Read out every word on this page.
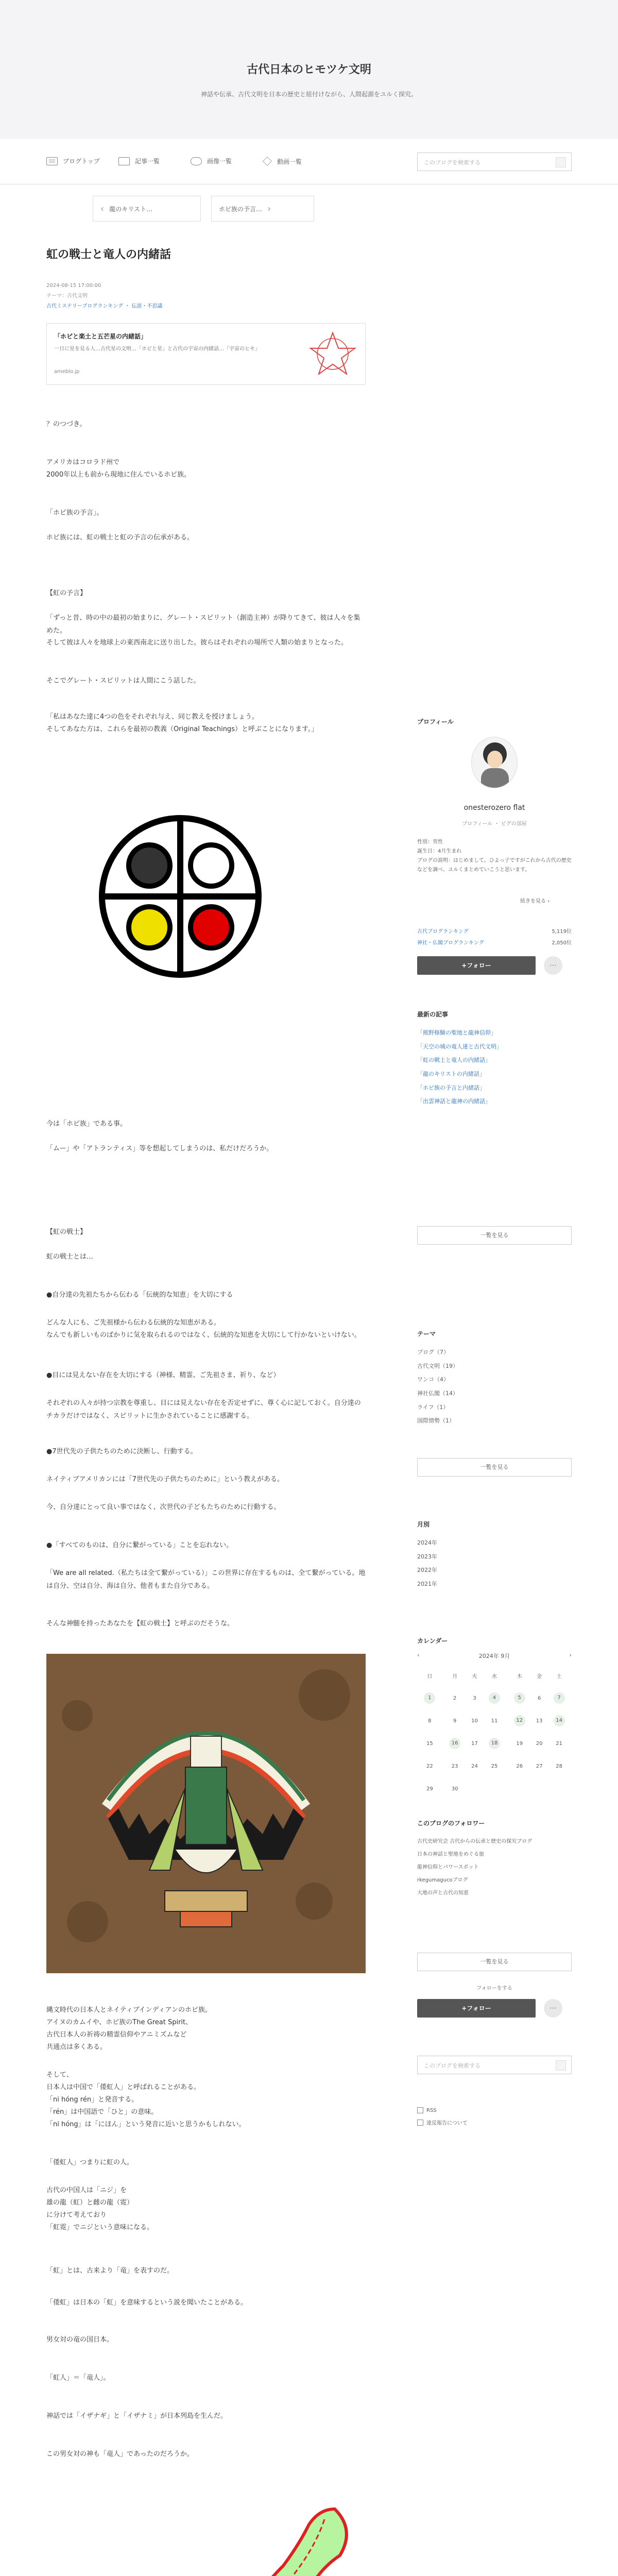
古代日本のヒモツケ文明
神話や伝承、古代文明を日本の歴史と紐付けながら、人間起源をユルく探究。
ブログトップ	記事一覧	画像一覧	動画一覧	このブログを検索する
‹ 龍のキリスト…	ホピ族の予言… ›
虹の戦士と竜人の内緒話
2024-08-15 17:00:00
テーマ：古代文明
古代ミステリーブログランキング ・ 伝説・不思議
「ホピと楽土と五芒星の内緒話」
一日に星を見る人…古代星の文明…「ホピと星」と古代の宇宙の内緒話…「宇宙のヒモ」
ameblo.jp
？のつづき。
アメリカはコロラド州で
2000年以上も前から現地に住んでいるホピ族。
「ホピ族の予言」。
ホピ族には、虹の戦士と虹の予言の伝承がある。
【虹の予言】
「ずっと昔、時の中の最初の始まりに、グレート・スピリット（創造主神）が降りてきて、彼は人々を集めた。
そして彼は人々を地球上の東西南北に送り出した。彼らはそれぞれの場所で人類の始まりとなった。
そこでグレート・スピリットは人間にこう話した。
「私はあなた達に4つの色をそれぞれ与え、同じ教えを授けましょう。
そしてあなた方は、これらを最初の教義（Original Teachings）と呼ぶことになります。」
今は「ホピ族」である事。
「ムー」や「アトランティス」等を想起してしまうのは、私だけだろうか。
【虹の戦士】
虹の戦士とは…
●自分達の先祖たちから伝わる「伝統的な知恵」を大切にする
どんな人にも、ご先祖様から伝わる伝統的な知恵がある。
なんでも新しいものばかりに気を取られるのではなく、伝統的な知恵を大切にして行かないといけない。
●目には見えない存在を大切にする（神様、精霊、ご先祖さま、祈り、など）
それぞれの人々が持つ宗教を尊重し、目には見えない存在を否定せずに、尊く心に記しておく。自分達のチカラだけではなく、スピリットに生かされていることに感謝する。
●7世代先の子供たちのために決断し、行動する。
ネイティブアメリカンには「7世代先の子供たちのために」という教えがある。
今、自分達にとって良い事ではなく、次世代の子どもたちのために行動する。
●「すべてのものは、自分に繋がっている」ことを忘れない。
「We are all related.（私たちは全て繋がっている）」この世界に存在するものは、全て繋がっている。地は自分、空は自分、海は自分、他者もまた自分である。
そんな神髄を持ったあなたを【虹の戦士】と呼ぶのだそうな。
縄文時代の日本人とネイティブインディアンのホピ族。
アイヌのカムイや、ホピ族のThe Great Spirit、
古代日本人の祈祷の精霊信仰やアニミズムなど
共通点は多くある。
そして、
日本人は中国で「倭虹人」と呼ばれることがある。
「ni hóng rén」と発音する。
「rén」は中国語で「ひと」の意味。
「ni hóng」は「にほん」という発音に近いと思うかもしれない。
「倭虹人」つまりに虹の人。
古代の中国人は「ニジ」を
雄の龍（虹）と雌の龍（霓）
に分けて考えており
「虹霓」でニジという意味になる。
「虹」とは、古来より「竜」を表すのだ。
「倭虹」は日本の「虹」を意味するという説を聞いたことがある。
男女対の竜の国日本。
「虹人」＝「竜人」。
神話では「イザナギ」と「イザナミ」が日本列島を生んだ。
この男女対の神も「竜人」であったのだろうか。
プロフィール
onesterozero flat
プロフィール ・ ピグの部屋
性別：男性
誕生日：4月生まれ
ブログの説明：はじめまして。ひよっ子ですがこれから古代の歴史などを調べ、ユルくまとめていこうと思います。
続きを見る ›
古代ブログランキング	5,119位
神社・仏閣ブログランキング	2,050位
+フォロー	⋯
最新の記事
「熊野修験の聖地と龍神信仰」
「天空の城の竜人達と古代文明」
「虹の戦士と竜人の内緒話」
「龍のキリストの内緒話」
「ホピ族の予言と内緒話」
「出雲神話と龍神の内緒話」
一覧を見る
テーマ
ブログ（7）
古代文明（19）
ワンコ（4）
神社仏閣（14）
ライフ（1）
国際情勢（1）
一覧を見る
月別
2024年
2023年
2022年
2021年
カレンダー
‹	2024年 9月	›
日	月	火	水	木	金	土
1	2	3	4	5	6	7
8	9	10	11	12	13	14
15	16	17	18	19	20	21
22	23	24	25	26	27	28
29	30					
このブログのフォロワー
古代史研究会 古代からの伝承と歴史の探究ブログ
日本の神話と聖地をめぐる旅
龍神信仰とパワースポット
rkegumagucoブログ
大地の声と古代の知恵
一覧を見る
フォローをする
+フォロー	⋯
このブログを検索する
RSS
違反報告について
